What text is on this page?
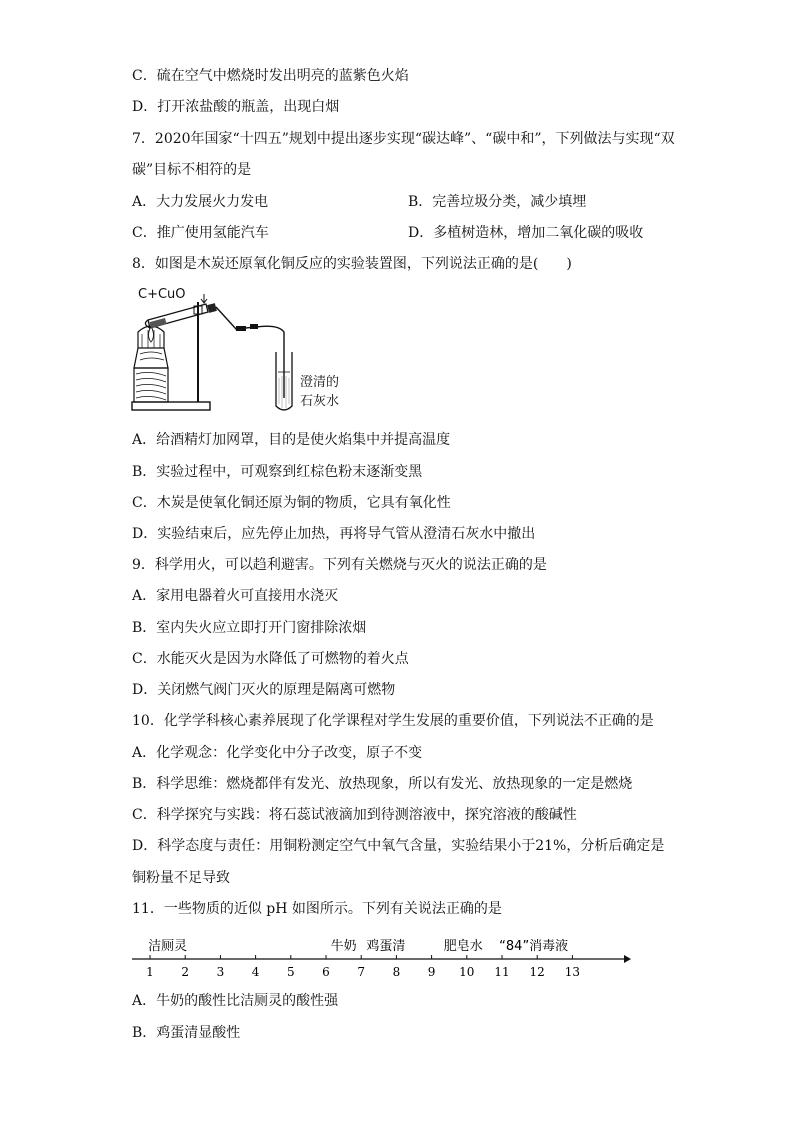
C．硫在空气中燃烧时发出明亮的蓝紫色火焰
D．打开浓盐酸的瓶盖，出现白烟
7．2020年国家“十四五”规划中提出逐步实现“碳达峰”、“碳中和”，下列做法与实现“双
碳”目标不相符的是
A．大力发展火力发电	B．完善垃圾分类，减少填埋
C．推广使用氢能汽车	D．多植树造林，增加二氧化碳的吸收
8．如图是木炭还原氧化铜反应的实验装置图，下列说法正确的是(　　)
C+CuO
澄清的
石灰水
A．给酒精灯加网罩，目的是使火焰集中并提高温度
B．实验过程中，可观察到红棕色粉末逐渐变黑
C．木炭是使氧化铜还原为铜的物质，它具有氧化性
D．实验结束后，应先停止加热，再将导气管从澄清石灰水中撤出
9．科学用火，可以趋利避害。下列有关燃烧与灭火的说法正确的是
A．家用电器着火可直接用水浇灭
B．室内失火应立即打开门窗排除浓烟
C．水能灭火是因为水降低了可燃物的着火点
D．关闭燃气阀门灭火的原理是隔离可燃物
10．化学学科核心素养展现了化学课程对学生发展的重要价值，下列说法不正确的是
A．化学观念：化学变化中分子改变，原子不变
B．科学思维：燃烧都伴有发光、放热现象，所以有发光、放热现象的一定是燃烧
C．科学探究与实践：将石蕊试液滴加到待测溶液中，探究溶液的酸碱性
D．科学态度与责任：用铜粉测定空气中氧气含量，实验结果小于21%，分析后确定是
铜粉量不足导致
11．一些物质的近似 pH 如图所示。下列有关说法正确的是
1 2 3 4 5 6 7 8 9 10 11 12 13
洁厕灵	牛奶 鸡蛋清	肥皂水 “84”消毒液
A．牛奶的酸性比洁厕灵的酸性强
B．鸡蛋清显酸性
